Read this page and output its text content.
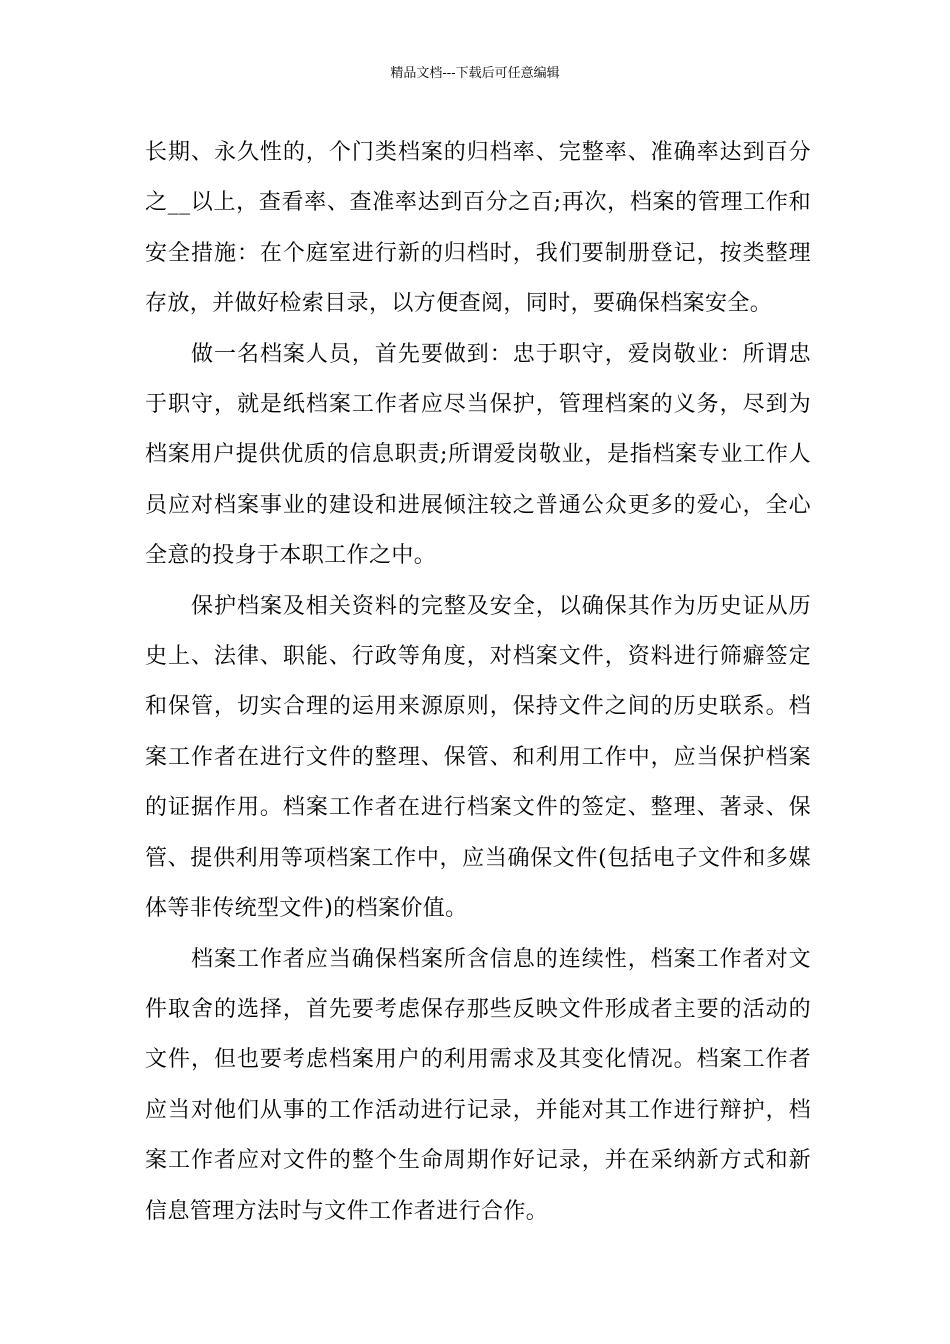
精品文档---下载后可任意编辑

长期、永久性的，个门类档案的归档率、完整率、准确率达到百分之__以上，查看率、查准率达到百分之百;再次，档案的管理工作和安全措施：在个庭室进行新的归档时，我们要制册登记，按类整理存放，并做好检索目录，以方便查阅，同时，要确保档案安全。

做一名档案人员，首先要做到：忠于职守，爱岗敬业：所谓忠于职守，就是纸档案工作者应尽当保护，管理档案的义务，尽到为档案用户提供优质的信息职责;所谓爱岗敬业，是指档案专业工作人员应对档案事业的建设和进展倾注较之普通公众更多的爱心，全心全意的投身于本职工作之中。

保护档案及相关资料的完整及安全，以确保其作为历史证从历史上、法律、职能、行政等角度，对档案文件，资料进行筛癖签定和保管，切实合理的运用来源原则，保持文件之间的历史联系。档案工作者在进行文件的整理、保管、和利用工作中，应当保护档案的证据作用。档案工作者在进行档案文件的签定、整理、著录、保管、提供利用等项档案工作中，应当确保文件(包括电子文件和多媒体等非传统型文件)的档案价值。

档案工作者应当确保档案所含信息的连续性，档案工作者对文件取舍的选择，首先要考虑保存那些反映文件形成者主要的活动的文件，但也要考虑档案用户的利用需求及其变化情况。档案工作者应当对他们从事的工作活动进行记录，并能对其工作进行辩护，档案工作者应对文件的整个生命周期作好记录，并在采纳新方式和新信息管理方法时与文件工作者进行合作。
